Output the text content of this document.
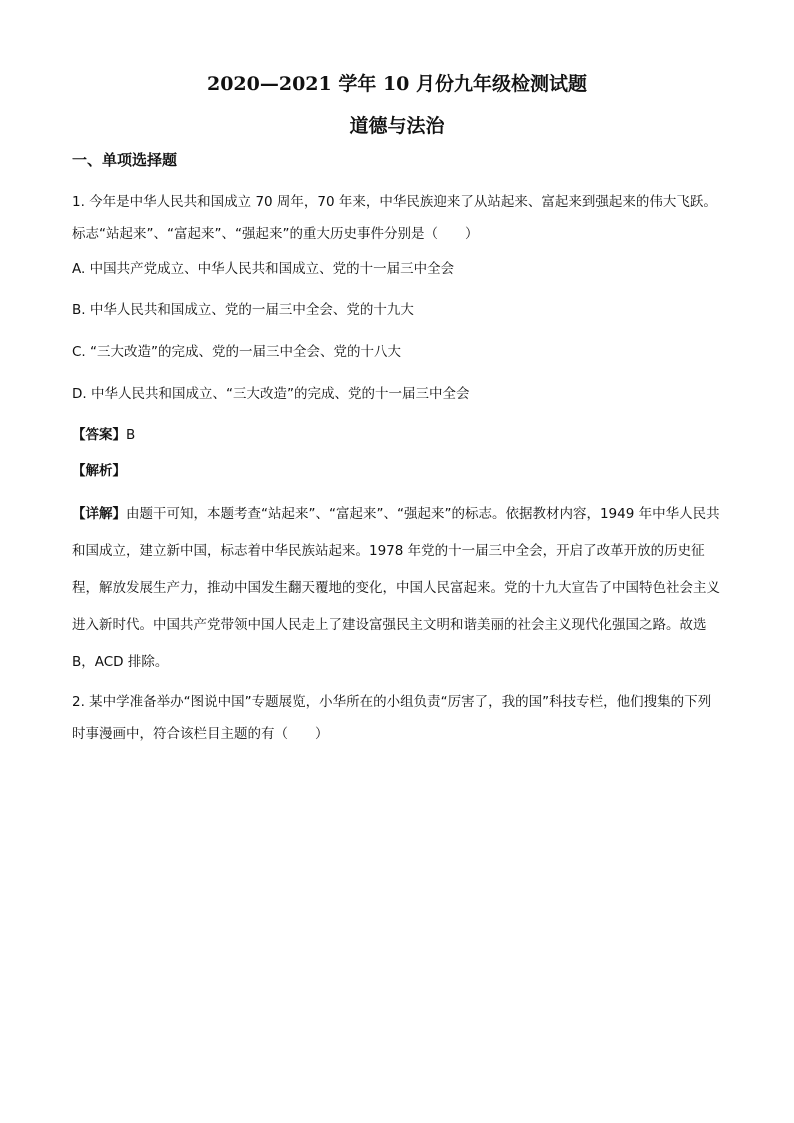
2020—2021 学年 10 月份九年级检测试题
道德与法治
一、单项选择题
1. 今年是中华人民共和国成立 70 周年，70 年来，中华民族迎来了从站起来、富起来到强起来的伟大飞跃。标志“站起来”、“富起来”、“强起来”的重大历史事件分别是（　　）
A. 中国共产党成立、中华人民共和国成立、党的十一届三中全会
B. 中华人民共和国成立、党的一届三中全会、党的十九大
C. “三大改造”的完成、党的一届三中全会、党的十八大
D. 中华人民共和国成立、“三大改造”的完成、党的十一届三中全会
【答案】B
【解析】
【详解】由题干可知，本题考查“站起来”、“富起来”、“强起来”的标志。依据教材内容，1949 年中华人民共和国成立，建立新中国，标志着中华民族站起来。1978 年党的十一届三中全会，开启了改革开放的历史征程，解放发展生产力，推动中国发生翻天覆地的变化，中国人民富起来。党的十九大宣告了中国特色社会主义进入新时代。中国共产党带领中国人民走上了建设富强民主文明和谐美丽的社会主义现代化强国之路。故选 B，ACD 排除。
2. 某中学准备举办“图说中国”专题展览，小华所在的小组负责“厉害了，我的国”科技专栏，他们搜集的下列时事漫画中，符合该栏目主题的有（　　）
